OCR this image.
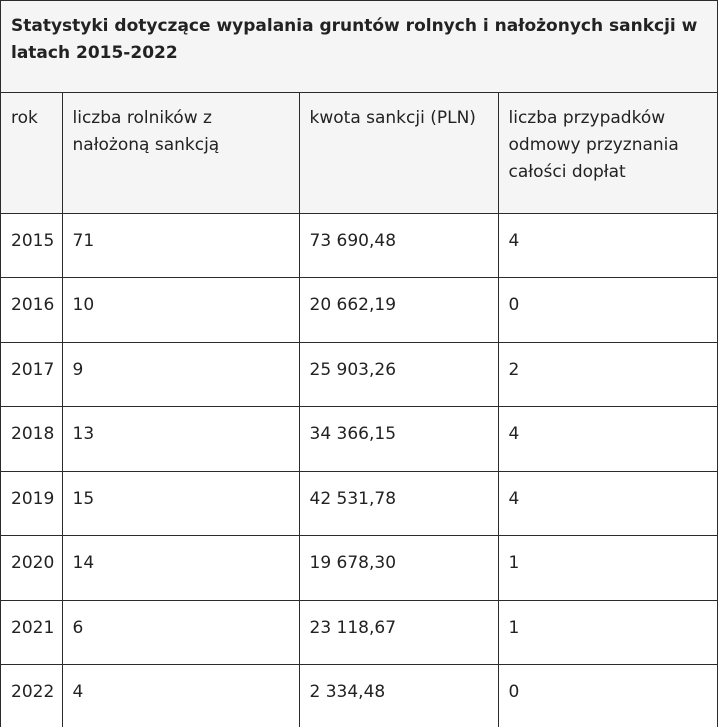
Statystyki dotyczące wypalania gruntów rolnych i nałożonych sankcji w latach 2015-2022
rok	liczba rolników z nałożoną sankcją	kwota sankcji (PLN)	liczba przypadków odmowy przyznania całości dopłat
2015	71	73 690,48	4
2016	10	20 662,19	0
2017	9	25 903,26	2
2018	13	34 366,15	4
2019	15	42 531,78	4
2020	14	19 678,30	1
2021	6	23 118,67	1
2022	4	2 334,48	0
